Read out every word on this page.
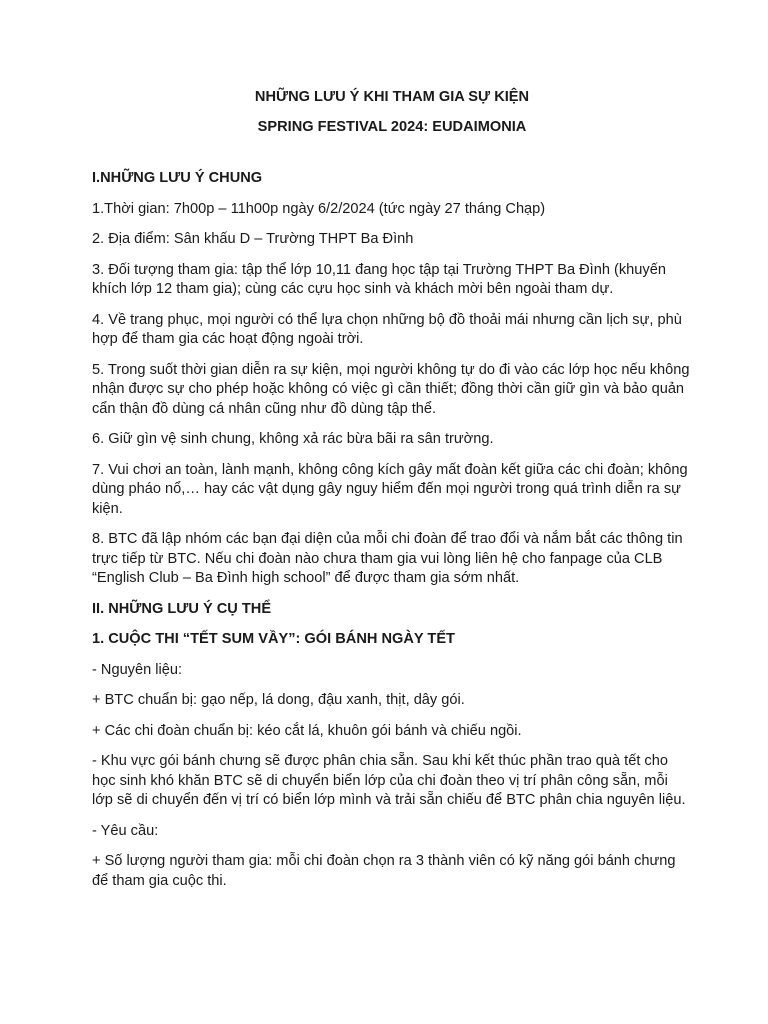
NHỮNG LƯU Ý KHI THAM GIA SỰ KIỆN

SPRING FESTIVAL 2024: EUDAIMONIA

I.NHỮNG LƯU Ý CHUNG

1.Thời gian: 7h00p – 11h00p ngày 6/2/2024 (tức ngày 27 tháng Chạp)

2. Địa điểm: Sân khấu D – Trường THPT Ba Đình

3. Đối tượng tham gia: tập thể lớp 10,11 đang học tập tại Trường THPT Ba Đình (khuyến khích lớp 12 tham gia); cùng các cựu học sinh và khách mời bên ngoài tham dự.

4. Về trang phục, mọi người có thể lựa chọn những bộ đồ thoải mái nhưng cần lịch sự, phù hợp để tham gia các hoạt động ngoài trời.

5. Trong suốt thời gian diễn ra sự kiện, mọi người không tự do đi vào các lớp học nếu không nhận được sự cho phép hoặc không có việc gì cần thiết; đồng thời cần giữ gìn và bảo quản cẩn thận đồ dùng cá nhân cũng như đồ dùng tập thể.

6. Giữ gìn vệ sinh chung, không xả rác bừa bãi ra sân trường.

7. Vui chơi an toàn, lành mạnh, không công kích gây mất đoàn kết giữa các chi đoàn; không dùng pháo nổ,… hay các vật dụng gây nguy hiểm đến mọi người trong quá trình diễn ra sự kiện.

8. BTC đã lập nhóm các bạn đại diện của mỗi chi đoàn để trao đổi và nắm bắt các thông tin trực tiếp từ BTC. Nếu chi đoàn nào chưa tham gia vui lòng liên hệ cho fanpage của CLB “English Club – Ba Đình high school” để được tham gia sớm nhất.

II. NHỮNG LƯU Ý CỤ THỂ

1. CUỘC THI “TẾT SUM VẦY”: GÓI BÁNH NGÀY TẾT

- Nguyên liệu:

+ BTC chuẩn bị: gạo nếp, lá dong, đậu xanh, thịt, dây gói.

+ Các chi đoàn chuẩn bị: kéo cắt lá, khuôn gói bánh và chiếu ngồi.

- Khu vực gói bánh chưng sẽ được phân chia sẵn. Sau khi kết thúc phần trao quà tết cho học sinh khó khăn BTC sẽ di chuyển biển lớp của chi đoàn theo vị trí phân công sẵn, mỗi lớp sẽ di chuyển đến vị trí có biển lớp mình và trải sẵn chiếu để BTC phân chia nguyên liệu.

- Yêu cầu:

+ Số lượng người tham gia: mỗi chi đoàn chọn ra 3 thành viên có kỹ năng gói bánh chưng để tham gia cuộc thi.
